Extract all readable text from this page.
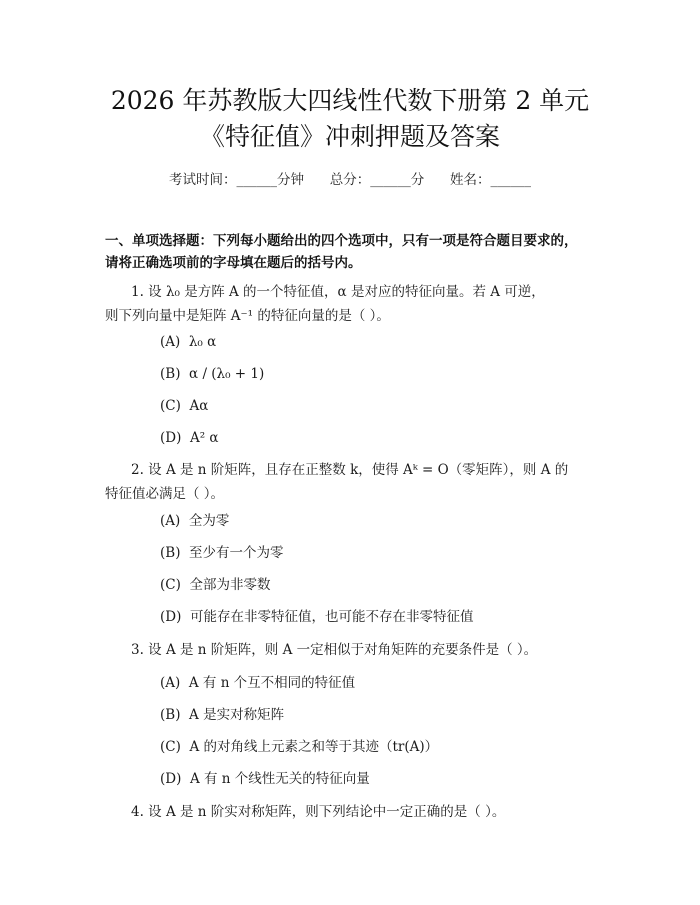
2026 年苏教版大四线性代数下册第 2 单元
《特征值》冲刺押题及答案
考试时间：______分钟      总分：______分      姓名：______
一、单项选择题：下列每小题给出的四个选项中，只有一项是符合题目要求的，
请将正确选项前的字母填在题后的括号内。
1. 设 λ₀ 是方阵 A 的一个特征值，α 是对应的特征向量。若 A 可逆，
则下列向量中是矩阵 A⁻¹ 的特征向量的是（ ）。
(A)  λ₀ α
(B)  α / (λ₀ + 1)
(C)  Aα
(D)  A² α
2. 设 A 是 n 阶矩阵，且存在正整数 k，使得 Aᵏ = O（零矩阵），则 A 的
特征值必满足（ ）。
(A)  全为零
(B)  至少有一个为零
(C)  全部为非零数
(D)  可能存在非零特征值，也可能不存在非零特征值
3. 设 A 是 n 阶矩阵，则 A 一定相似于对角矩阵的充要条件是（ ）。
(A)  A 有 n 个互不相同的特征值
(B)  A 是实对称矩阵
(C)  A 的对角线上元素之和等于其迹（tr(A)）
(D)  A 有 n 个线性无关的特征向量
4. 设 A 是 n 阶实对称矩阵，则下列结论中一定正确的是（ ）。
